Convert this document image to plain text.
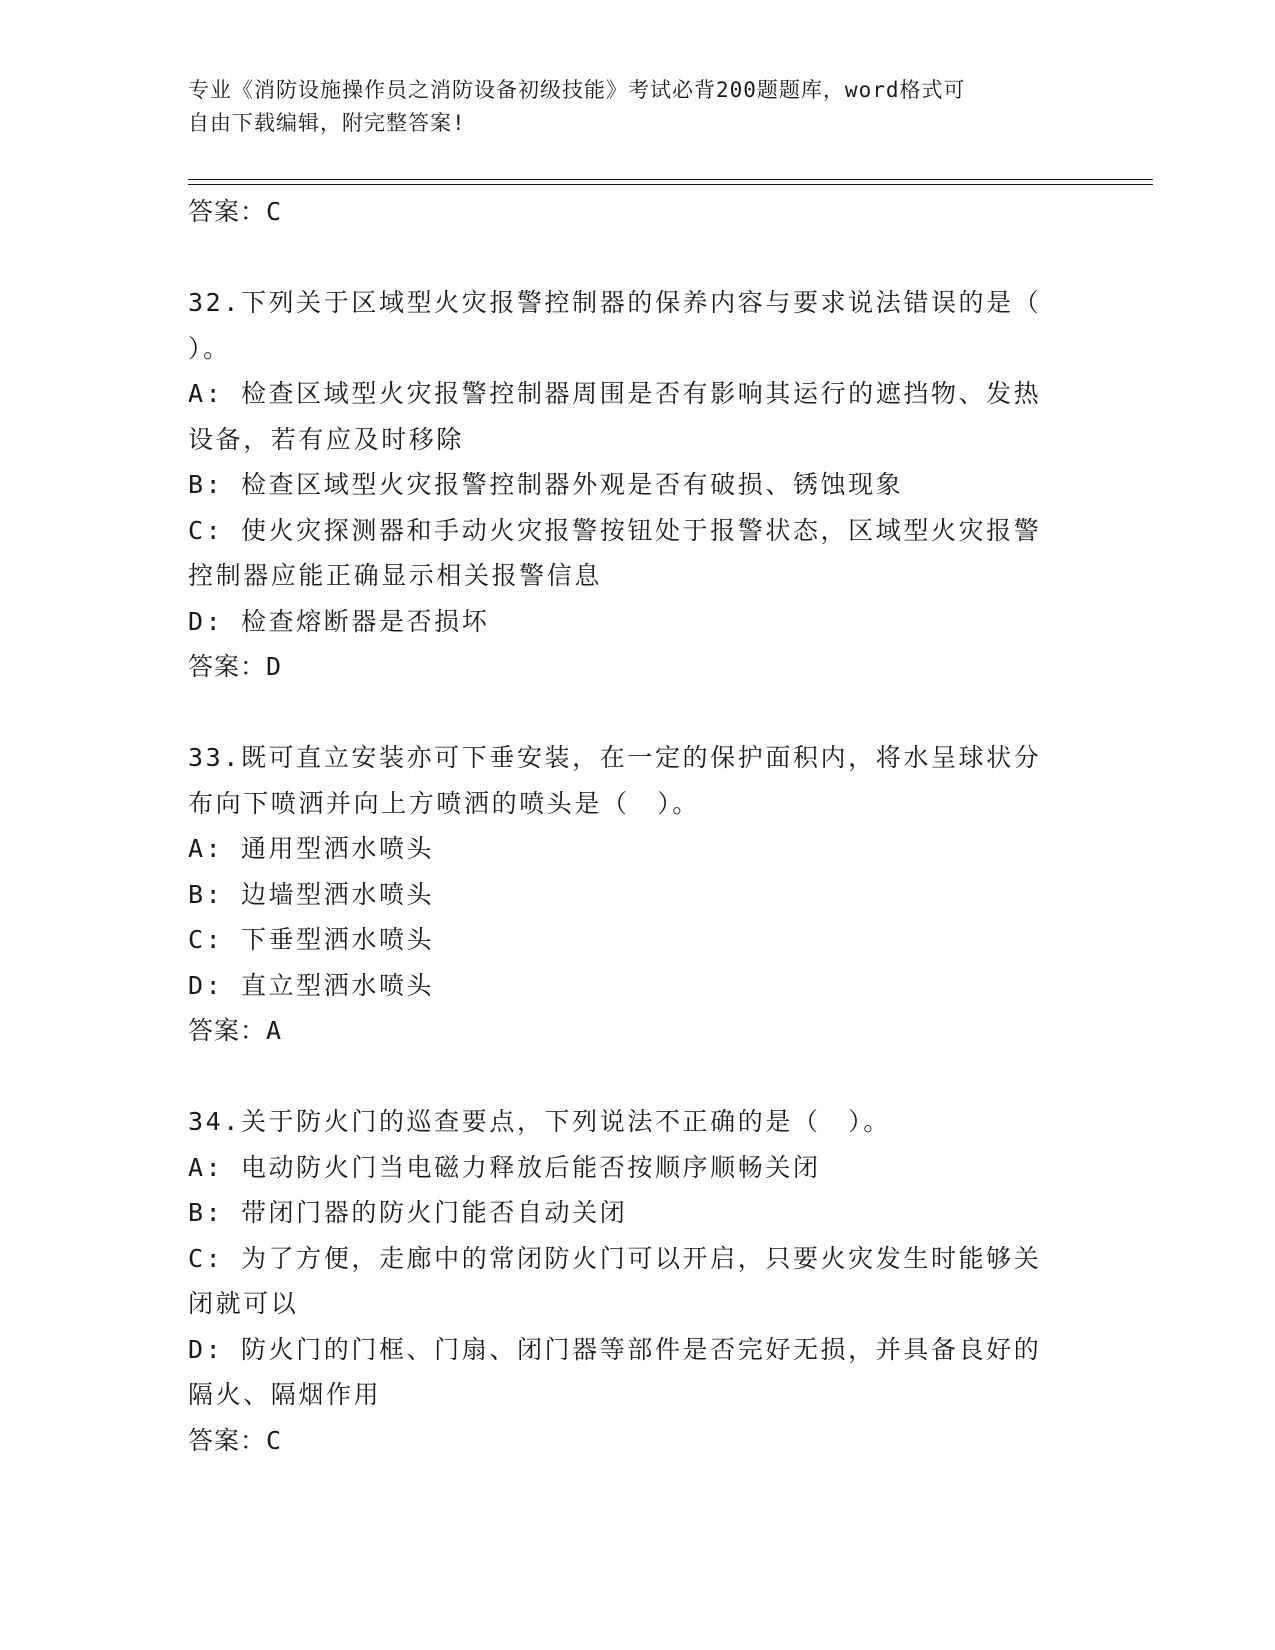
专业《消防设施操作员之消防设备初级技能》考试必背200题题库，word格式可
自由下载编辑，附完整答案!
答案：C
32.下列关于区域型火灾报警控制器的保养内容与要求说法错误的是（
）。
A: 检查区域型火灾报警控制器周围是否有影响其运行的遮挡物、发热
设备，若有应及时移除
B: 检查区域型火灾报警控制器外观是否有破损、锈蚀现象
C: 使火灾探测器和手动火灾报警按钮处于报警状态，区域型火灾报警
控制器应能正确显示相关报警信息
D: 检查熔断器是否损坏
答案：D
33.既可直立安装亦可下垂安装，在一定的保护面积内，将水呈球状分
布向下喷洒并向上方喷洒的喷头是（　）。
A: 通用型洒水喷头
B: 边墙型洒水喷头
C: 下垂型洒水喷头
D: 直立型洒水喷头
答案：A
34.关于防火门的巡查要点，下列说法不正确的是（　）。
A: 电动防火门当电磁力释放后能否按顺序顺畅关闭
B: 带闭门器的防火门能否自动关闭
C: 为了方便，走廊中的常闭防火门可以开启，只要火灾发生时能够关
闭就可以
D: 防火门的门框、门扇、闭门器等部件是否完好无损，并具备良好的
隔火、隔烟作用
答案：C
